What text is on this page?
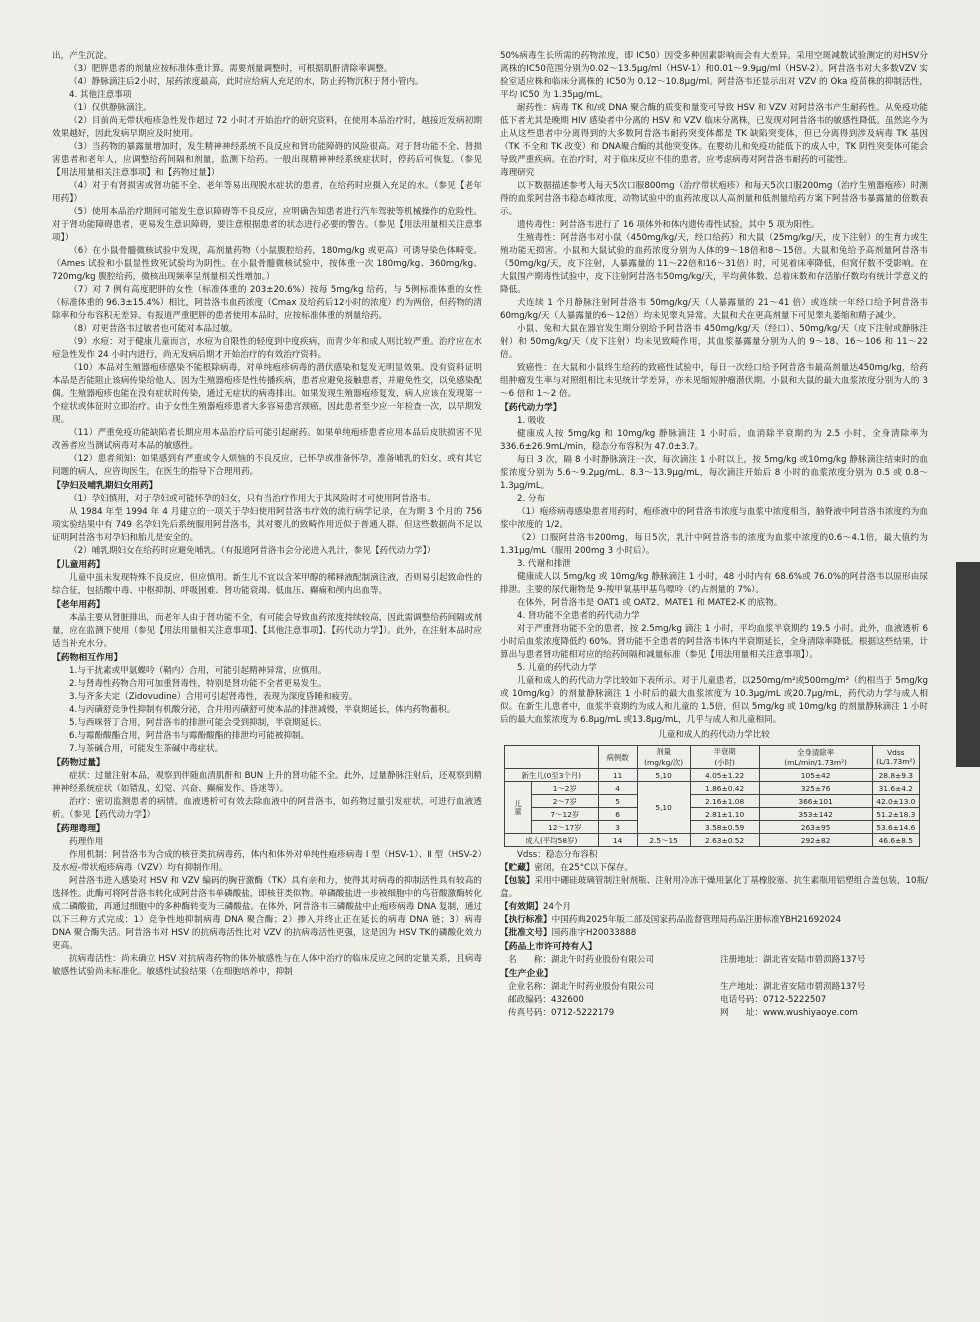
出，产生沉淀。

（3）肥胖患者的剂量应按标准体重计算。需要剂量调整时，可根据肌酐清除率调整。

（4）静脉滴注后2小时，尿药浓度最高，此时应给病人充足的水，防止药物沉积于肾小管内。

4. 其他注意事项

（1）仅供静脉滴注。

（2）目前尚无带状疱疹急性发作超过 72 小时才开始治疗的研究资料，在使用本品治疗时，越接近发病初期效果越好，因此发病早期应及时使用。

（3）当药物的暴露量增加时，发生精神神经系统不良反应和肾功能障碍的风险很高。对于肾功能不全、肾损害患者和老年人，应调整给药间隔和剂量，监测下给药。一般出现精神神经系统症状时，停药后可恢复。（参见【用法用量相关注意事项】和【药物过量】）

（4）对于有肾损害或肾功能不全、老年等易出现脱水症状的患者，在给药时应摄入充足的水。（参见【老年用药】）

（5）使用本品治疗期间可能发生意识障碍等不良反应，应明确告知患者进行汽车驾驶等机械操作的危险性。对于肾功能障碍患者，更易发生意识障碍，要注意根据患者的状态进行必要的警告。（参见【用法用量相关注意事项】）

（6）在小鼠骨髓微核试验中发现，高剂量药物（小鼠腹腔给药，180mg/kg 或更高）可诱导染色体畸变。（Ames 试验和小鼠显性致死试验均为阴性。在小鼠骨髓微核试验中，按体重一次 180mg/kg、360mg/kg、720mg/kg 腹腔给药，微核出现频率呈剂量相关性增加。）

（7）对 7 例有高度肥胖的女性（标准体重的 203±20.6%）按每 5mg/kg 给药，与 5例标准体重的女性（标准体重的 96.3±15.4%）相比，阿昔洛韦血药浓度（Cmax 及给药后12小时的浓度）约为两倍，但药物的清除率和分布容积无差异。有报道严重肥胖的患者使用本品时，应按标准体重的剂量给药。

（8）对更昔洛韦过敏者也可能对本品过敏。

（9）水痘：对于健康儿童而言，水痘为自限性的轻度到中度疾病，而青少年和成人则比较严重。治疗应在水痘急性发作 24 小时内进行，尚无发病后期才开始治疗的有效治疗资料。

（10）本品对生殖器疱疹感染不能根除病毒，对单纯疱疹病毒的潜伏感染和复发无明显效果。没有资料证明本品是否能阻止该病传染给他人。因为生殖器疱疹是性传播疾病，患者应避免接触患者，并避免性交，以免感染配偶。生殖器疱疹也能在没有症状时传染，通过无症状的病毒排出。如果发现生殖器疱疹复发，病人应该在发现第一个症状或体征时立即治疗。由于女性生殖器疱疹患者大多容易患宫颈癌，因此患者至少应一年检查一次，以早期发现。

（11）严重免疫功能缺陷者长期应用本品治疗后可能引起耐药。如果单纯疱疹患者应用本品后皮肤损害不见改善者应当测试病毒对本品的敏感性。

（12）患者须知：如果感到有严重或令人烦恼的不良反应，已怀孕或准备怀孕，准备哺乳的妇女，或有其它问题的病人，应咨询医生，在医生的指导下合理用药。

【孕妇及哺乳期妇女用药】

（1）孕妇慎用，对于孕妇或可能怀孕的妇女，只有当治疗作用大于其风险时才可使用阿昔洛韦。

从 1984 年至 1994 年 4 月建立的一项关于孕妇使用阿昔洛韦疗效的流行病学记录，在为期 3 个月的 756 项实验结果中有 749 名孕妇先后系统服用阿昔洛韦，其对婴儿的致畸作用近似于普通人群。但这些数据尚不足以证明阿昔洛韦对孕妇和胎儿是安全的。

（2）哺乳期妇女在给药时应避免哺乳。（有报道阿昔洛韦会分泌进入乳汁，参见【药代动力学】）

【儿童用药】

儿童中虽未发现特殊不良反应，但应慎用。新生儿不宜以含苯甲醇的稀释液配制滴注液，否则易引起致命性的综合征，包括酸中毒、中枢抑制、呼吸困难、肾功能衰竭、低血压、癫痫和颅内出血等。

【老年用药】

本品主要从肾脏排出，而老年人由于肾功能不全，有可能会导致血药浓度持续较高，因此需调整给药间隔或剂量，应在监测下使用（参见【用法用量相关注意事项】、【其他注意事项】、【药代动力学】）。此外，在注射本品时应适当补充水分。

【药物相互作用】

1.与干扰素或甲氨蝶呤（鞘内）合用，可能引起精神异常，应慎用。

2.与肾毒性药物合用可加重肾毒性，特别是肾功能不全者更易发生。

3.与齐多夫定（Zidovudine）合用可引起肾毒性，表现为深度昏睡和疲劳。

4.与丙磺舒竞争性抑制有机酸分泌，合并用丙磺舒可使本品的排泄减慢，半衰期延长，体内药物蓄积。

5.与西咪替丁合用，阿昔洛韦的排泄可能会受到抑制，半衰期延长。

6.与霉酚酸酯合用，阿昔洛韦与霉酚酸酯的排泄均可能被抑制。

7.与茶碱合用，可能发生茶碱中毒症状。

【药物过量】

症状：过量注射本品，观察到伴随血清肌酐和 BUN 上升的肾功能不全。此外，过量静脉注射后，还观察到精神神经系统症状（如错乱、幻觉、兴奋、癫痫发作、昏迷等）。

治疗：密切监测患者的病情。血液透析可有效去除血液中的阿昔洛韦，如药物过量引发症状，可进行血液透析。（参见【药代动力学】）

【药理毒理】

药理作用

作用机制：阿昔洛韦为合成的核苷类抗病毒药，体内和体外对单纯性疱疹病毒 Ⅰ 型（HSV-1）、Ⅱ 型（HSV-2）及水痘-带状疱疹病毒（VZV）均有抑制作用。

阿昔洛韦进入感染对 HSV 和 VZV 编码的胸苷激酶（TK）具有亲和力，使得其对病毒的抑制活性具有较高的选择性。此酶可将阿昔洛韦转化成阿昔洛韦单磷酸盐，即核苷类似物。单磷酸盐进一步被细胞中的鸟苷酸激酶转化成二磷酸盐，再通过细胞中的多种酶转变为三磷酸盐。在体外，阿昔洛韦三磷酸盐中止疱疹病毒 DNA 复制，通过以下三种方式完成：1）竞争性地抑制病毒 DNA 聚合酶；2）掺入并终止正在延长的病毒 DNA 链；3）病毒 DNA 聚合酶失活。阿昔洛韦对 HSV 的抗病毒活性比对 VZV 的抗病毒活性更强，这是因为 HSV TK的磷酸化效力更高。

抗病毒活性：尚未确立 HSV 对抗病毒药物的体外敏感性与在人体中治疗的临床反应之间的定量关系，且病毒敏感性试验尚未标准化。敏感性试验结果（在细胞培养中，抑制

50%病毒生长所需的药物浓度，即 IC50）因受多种因素影响而会有大差异。采用空斑减数试验测定的对HSV分离株的IC50范围分别为0.02～13.5μg/ml（HSV-1）和0.01～9.9μg/ml（HSV-2）。阿昔洛韦对大多数VZV 实验室适应株和临床分离株的 IC50为 0.12～10.8μg/ml。阿昔洛韦还显示出对 VZV 的 Oka 疫苗株的抑制活性，平均 IC50 为 1.35μg/mL。

耐药性：病毒 TK 和/或 DNA 聚合酶的质变和量变可导致 HSV 和 VZV 对阿昔洛韦产生耐药性。从免疫功能低下者尤其是晚期 HIV 感染者中分离的 HSV 和 VZV 临床分离株，已发现对阿昔洛韦的敏感性降低。虽然迄今为止从这些患者中分离得到的大多数阿昔洛韦耐药突变体都是 TK 缺陷突变体，但已分离得到涉及病毒 TK 基因（TK 不全和 TK 改变）和 DNA聚合酶的其他突变体。在婴幼儿和免疫功能低下的成人中，TK 阴性突变体可能会导致严重疾病。在治疗时，对于临床反应不佳的患者，应考虑病毒对阿昔洛韦耐药的可能性。

毒理研究

以下数据描述参考人每天5次口服800mg（治疗带状疱疹）和每天5次口服200mg（治疗生殖器疱疹）时测得的血浆阿昔洛韦稳态峰浓度，动物试验中的血药浓度以人高剂量和低剂量给药方案下阿昔洛韦暴露量的倍数表示。

遗传毒性：阿昔洛韦进行了 16 项体外和体内遗传毒性试验，其中 5 项为阳性。

生殖毒性：阿昔洛韦对小鼠（450mg/kg/天，经口给药）和大鼠（25mg/kg/天，皮下注射）的生育力或生殖功能无损害。小鼠和大鼠试验的血药浓度分别为人体的9～18倍和8～15倍。大鼠和兔给予高剂量阿昔洛韦（50mg/kg/天，皮下注射，人暴露量的 11～22倍和16～31倍）时，可见着床率降低，但窝仔数不受影响。在大鼠围产期毒性试验中，皮下注射阿昔洛韦50mg/kg/天，平均黄体数、总着床数和存活胎仔数均有统计学意义的降低。

犬连续 1 个月静脉注射阿昔洛韦 50mg/kg/天（人暴露量的 21～41 倍）或连续一年经口给予阿昔洛韦 60mg/kg/天（人暴露量的6～12倍）均未见睾丸异常。大鼠和犬在更高剂量下可见睾丸萎缩和精子减少。

小鼠、兔和大鼠在器官发生期分别给予阿昔洛韦 450mg/kg/天（经口）、50mg/kg/天（皮下注射或静脉注射）和 50mg/kg/天（皮下注射）均未见致畸作用，其血浆暴露量分别为人的 9～18、16～106 和 11～22 倍。

致癌性：在大鼠和小鼠终生给药的致癌性试验中，每日一次经口给予阿昔洛韦最高剂量达450mg/kg，给药组肿瘤发生率与对照组相比未见统计学差异，亦未见缩短肿瘤潜伏期。小鼠和大鼠的最大血浆浓度分别为人的 3～6 倍和 1～2 倍。

【药代动力学】

1. 吸收

健康成人按 5mg/kg 和 10mg/kg 静脉滴注 1 小时后，血消除半衰期约为 2.5 小时，全身清除率为 336.6±26.9mL/min，稳态分布容积为 47.0±3.7。

每日 3 次，隔 8 小时静脉滴注一次，每次滴注 1 小时以上，按 5mg/kg 或10mg/kg 静脉滴注结束时的血浆浓度分别为 5.6～9.2μg/mL、8.3～13.9μg/mL，每次滴注开始后 8 小时的血浆浓度分别为 0.5 或 0.8～1.3μg/mL。

2. 分布

（1）疱疹病毒感染患者用药时，疱疹液中的阿昔洛韦浓度与血浆中浓度相当，脑脊液中阿昔洛韦浓度约为血浆中浓度的 1/2。

（2）口服阿昔洛韦200mg，每日5次，乳汁中阿昔洛韦的浓度为血浆中浓度的0.6～4.1倍，最大值约为 1.31μg/mL（服用 200mg 3 小时后）。

3. 代谢和排泄

健康成人以 5mg/kg 或 10mg/kg 静脉滴注 1 小时，48 小时内有 68.6%或 76.0%的阿昔洛韦以原形由尿排泄。主要的尿代谢物是 9-羧甲氧基甲基鸟嘌呤（约占剂量的 7%）。

在体外，阿昔洛韦是 OAT1 或 OAT2、MATE1 和 MATE2-K 的底物。

4. 肾功能不全患者的药代动力学

对于严重肾功能不全的患者，按 2.5mg/kg 滴注 1 小时，平均血浆半衰期约 19.5 小时。此外，血液透析 6 小时后血浆浓度降低约 60%。肾功能不全患者的阿昔洛韦体内半衰期延长，全身清除率降低。根据这些结果，计算出与患者肾功能相对应的给药间隔和减量标准（参见【用法用量相关注意事项】）。

5. 儿童的药代动力学

儿童和成人的药代动力学比较如下表所示。对于儿童患者，以250mg/m²或500mg/m²（约相当于 5mg/kg 或 10mg/kg）的剂量静脉滴注 1 小时后的最大血浆浓度为 10.3μg/mL 或20.7μg/mL，药代动力学与成人相似。在新生儿患者中，血浆半衰期约为成人和儿童的 1.5倍，但以 5mg/kg 或 10mg/kg 的剂量静脉滴注 1 小时后的最大血浆浓度为 6.8μg/mL 或13.8μg/mL，几乎与成人和儿童相同。

儿童和成人的药代动力学比较

		病例数	剂量
(mg/kg/次)	半衰期
(小时)	全身清除率
(mL/min/1.73m²)	Vdss
(L/1.73m²)
新生儿(0至3个月)		11	5,10	4.05±1.22	105±42	28.8±9.3
儿童	1～2岁	4	5,10	1.86±0.42	325±76	31.6±4.2
	2～7岁	5		2.16±1.08	366±101	42.0±13.0
	7～12岁	6		2.81±1.10	353±142	51.2±18.3
	12～17岁	3		3.58±0.59	263±95	53.6±14.6
成人(平均58岁)		14	2.5～15	2.63±0.52	292±82	46.6±8.5

Vdss：稳态分布容积

【贮藏】密闭，在25°C以下保存。

【包装】采用中硼硅玻璃管制注射剂瓶、注射用冷冻干燥用氯化丁基橡胶塞、抗生素瓶用铝塑组合盖包装，10瓶/盒。

【有效期】24个月

【执行标准】中国药典2025年版二部及国家药品监督管理局药品注册标准YBH21692024

【批准文号】国药准字H20033888

【药品上市许可持有人】

名　　称：湖北午时药业股份有限公司	注册地址：湖北省安陆市碧涢路137号

【生产企业】

企业名称：湖北午时药业股份有限公司	生产地址：湖北省安陆市碧涢路137号
邮政编码：432600	电话号码：0712-5222507
传真号码：0712-5222179	网　　址：www.wushiyaoye.com
